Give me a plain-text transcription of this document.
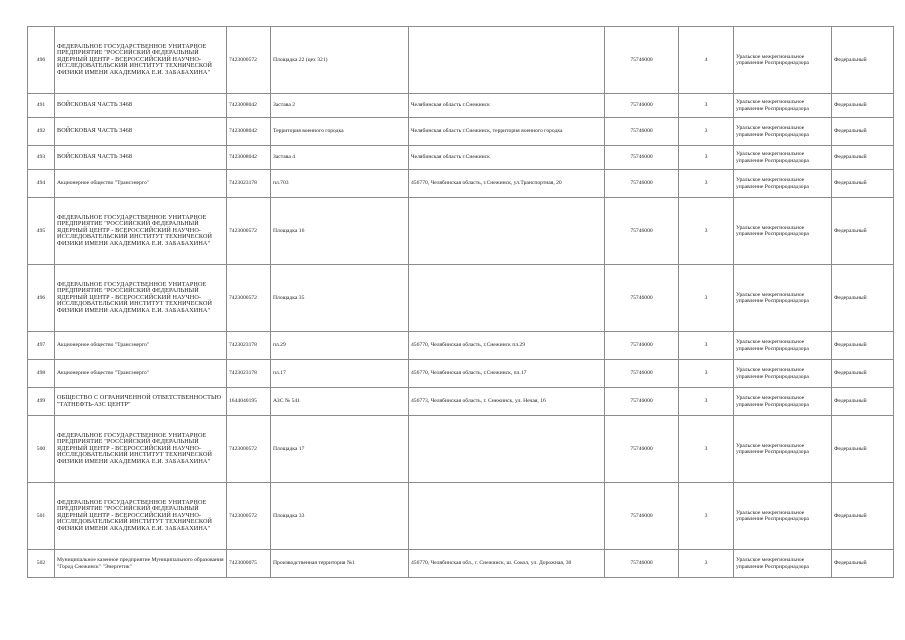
496	ФЕДЕРАЛЬНОЕ ГОСУДАРСТВЕННОЕ УНИТАРНОЕ ПРЕДПРИЯТИЕ "РОССИЙСКИЙ ФЕДЕРАЛЬНЫЙ ЯДЕРНЫЙ ЦЕНТР - ВСЕРОССИЙСКИЙ НАУЧНО-ИССЛЕДОВАТЕЛЬСКИЙ ИНСТИТУТ ТЕХНИЧЕСКОЙ ФИЗИКИ ИМЕНИ АКАДЕМИКА Е.И. ЗАБАБАХИНА"	7423000572	Площадка 22 (цех 321)		75746000	4	Уральское межрегиональное управление Росприроднадзора	Федеральный
491	ВОЙСКОВАЯ ЧАСТЬ 3468	7423008042	Застава 2	Челябинская область г.Снежинск	75746000	3	Уральское межрегиональное управление Росприроднадзора	Федеральный
492	ВОЙСКОВАЯ ЧАСТЬ 3468	7423008042	Территория военного городка	Челябинская область г.Снежинск, территория военного городка	75746000	3	Уральское межрегиональное управление Росприроднадзора	Федеральный
493	ВОЙСКОВАЯ ЧАСТЬ 3468	7423008042	Застава 4	Челябинская область г.Снежинск	75746000	3	Уральское межрегиональное управление Росприроднадзора	Федеральный
494	Акционерное общество "Трансэнерго"	7423023178	пл.703	456770, Челябинская область, г.Снежинск, ул.Транспортная, 20	75746000	3	Уральское межрегиональное управление Росприроднадзора	Федеральный
495	ФЕДЕРАЛЬНОЕ ГОСУДАРСТВЕННОЕ УНИТАРНОЕ ПРЕДПРИЯТИЕ "РОССИЙСКИЙ ФЕДЕРАЛЬНЫЙ ЯДЕРНЫЙ ЦЕНТР - ВСЕРОССИЙСКИЙ НАУЧНО-ИССЛЕДОВАТЕЛЬСКИЙ ИНСТИТУТ ТЕХНИЧЕСКОЙ ФИЗИКИ ИМЕНИ АКАДЕМИКА Е.И. ЗАБАБАХИНА"	7423000572	Площадка 16		75746000	3	Уральское межрегиональное управление Росприроднадзора	Федеральный
496	ФЕДЕРАЛЬНОЕ ГОСУДАРСТВЕННОЕ УНИТАРНОЕ ПРЕДПРИЯТИЕ "РОССИЙСКИЙ ФЕДЕРАЛЬНЫЙ ЯДЕРНЫЙ ЦЕНТР - ВСЕРОССИЙСКИЙ НАУЧНО-ИССЛЕДОВАТЕЛЬСКИЙ ИНСТИТУТ ТЕХНИЧЕСКОЙ ФИЗИКИ ИМЕНИ АКАДЕМИКА Е.И. ЗАБАБАХИНА"	7423000572	Площадка 35		75746000	3	Уральское межрегиональное управление Росприроднадзора	Федеральный
497	Акционерное общество "Трансэнерго"	7423023178	пл.29	456770, Челябинская область, г.Снежинск пл.29	75746000	3	Уральское межрегиональное управление Росприроднадзора	Федеральный
498	Акционерное общество "Трансэнерго"	7423023178	пл.17	456770, Челябинская область, г.Снежинск, пл.17	75746000	3	Уральское межрегиональное управление Росприроднадзора	Федеральный
499	ОБЩЕСТВО С ОГРАНИЧЕННОЙ ОТВЕТСТВЕННОСТЬЮ "ТАТНЕФТЬ-АЗС ЦЕНТР"	1644040195	АЗС № 541	456773, Челябинская область, г. Снежинск, ул. Нечая, 16	75746000	3	Уральское межрегиональное управление Росприроднадзора	Федеральный
500	ФЕДЕРАЛЬНОЕ ГОСУДАРСТВЕННОЕ УНИТАРНОЕ ПРЕДПРИЯТИЕ "РОССИЙСКИЙ ФЕДЕРАЛЬНЫЙ ЯДЕРНЫЙ ЦЕНТР - ВСЕРОССИЙСКИЙ НАУЧНО-ИССЛЕДОВАТЕЛЬСКИЙ ИНСТИТУТ ТЕХНИЧЕСКОЙ ФИЗИКИ ИМЕНИ АКАДЕМИКА Е.И. ЗАБАБАХИНА"	7423000572	Площадка 17		75746000	3	Уральское межрегиональное управление Росприроднадзора	Федеральный
501	ФЕДЕРАЛЬНОЕ ГОСУДАРСТВЕННОЕ УНИТАРНОЕ ПРЕДПРИЯТИЕ "РОССИЙСКИЙ ФЕДЕРАЛЬНЫЙ ЯДЕРНЫЙ ЦЕНТР - ВСЕРОССИЙСКИЙ НАУЧНО-ИССЛЕДОВАТЕЛЬСКИЙ ИНСТИТУТ ТЕХНИЧЕСКОЙ ФИЗИКИ ИМЕНИ АКАДЕМИКА Е.И. ЗАБАБАХИНА"	7423000572	Площадка 33		75746000	3	Уральское межрегиональное управление Росприроднадзора	Федеральный
502	Муниципальное казенное предприятие Муниципального образования "Город Снежинск" "Энергетик"	7423000075	Производственная территория №1	456770, Челябинская обл., г. Снежинск, ш. Сокол, ул. Дорожная, 30	75746000	3	Уральское межрегиональное управление Росприроднадзора	Федеральный
